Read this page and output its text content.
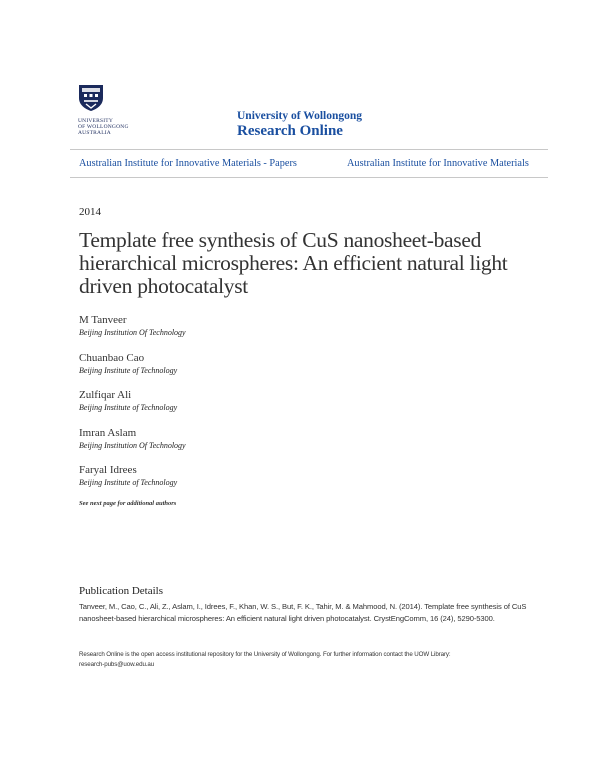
UNIVERSITY
OF WOLLONGONG
AUSTRALIA
University of Wollongong
Research Online
Australian Institute for Innovative Materials - Papers	Australian Institute for Innovative Materials
2014
Template free synthesis of CuS nanosheet-based hierarchical microspheres: An efficient natural light driven photocatalyst
M Tanveer
Beijing Institution Of Technology
Chuanbao Cao
Beijing Institute of Technology
Zulfiqar Ali
Beijing Institute of Technology
Imran Aslam
Beijing Institution Of Technology
Faryal Idrees
Beijing Institute of Technology
See next page for additional authors
Publication Details

Tanveer, M., Cao, C., Ali, Z., Aslam, I., Idrees, F., Khan, W. S., But, F. K., Tahir, M. & Mahmood, N. (2014). Template free synthesis of CuS nanosheet-based hierarchical microspheres: An efficient natural light driven photocatalyst. CrystEngComm, 16 (24), 5290-5300.

Research Online is the open access institutional repository for the University of Wollongong. For further information contact the UOW Library:
research-pubs@uow.edu.au
